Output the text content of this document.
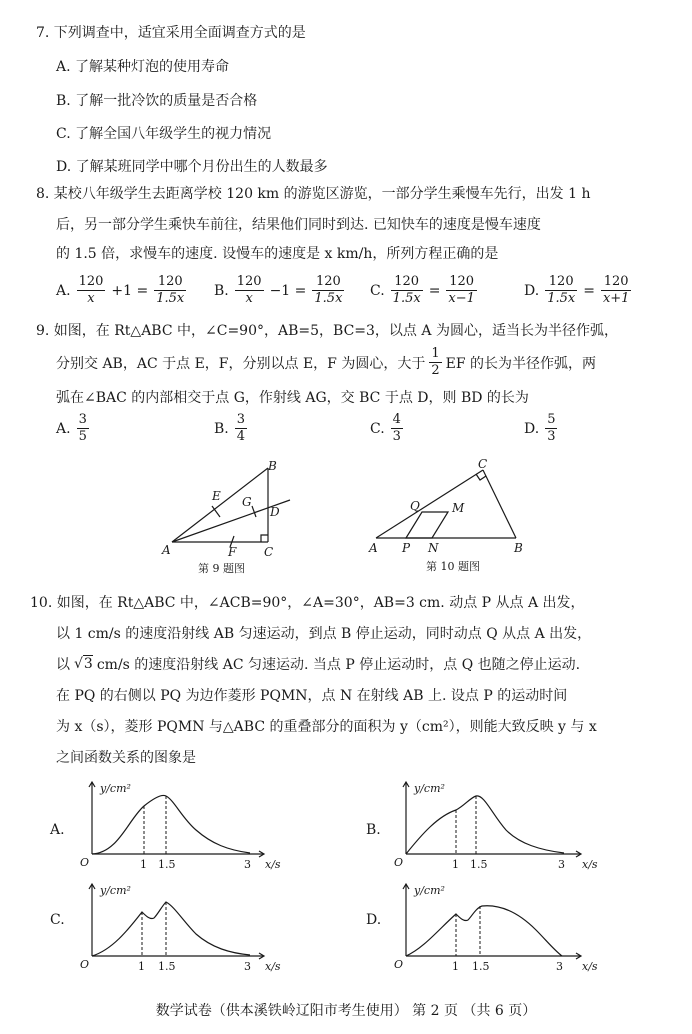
7. 下列调查中，适宜采用全面调查方式的是
A. 了解某种灯泡的使用寿命
B. 了解一批冷饮的质量是否合格
C. 了解全国八年级学生的视力情况
D. 了解某班同学中哪个月份出生的人数最多
8. 某校八年级学生去距离学校 120 km 的游览区游览，一部分学生乘慢车先行，出发 1 h
后，另一部分学生乘快车前往，结果他们同时到达. 已知快车的速度是慢车速度
的 1.5 倍，求慢车的速度. 设慢车的速度是 x km/h，所列方程正确的是
A. $\frac{120}{x} +1 = \frac{120}{1.5x} B$. $\frac{120}{x} -1 = \frac{120}{1.5x} C$. $\frac{120}{1.5x} = \frac{120}{x-1}$	D. $\frac{120}{1.5x} = \frac{120}{x+1}$
9. 如图，在 Rt△ABC 中，∠C=90°，AB=5，BC=3，以点 A 为圆心，适当长为半径作弧，
分别交 AB，AC 于点 E，F，分别以点 E，F 为圆心，大于 $\frac{1}{2}$ EF 的长为半径作弧，两
弧在∠BAC 的内部相交于点 G，作射线 AG，交 BC 于点 D，则 BD 的长为
A. $\frac{3}{5}$	B. $\frac{3}{4}$	C. $\frac{4}{3}$	D. $\frac{5}{3}$
A
B
C
D
E
F
G
第 9 题图
A	B
C
P
Q	M
N
第 10 题图
10. 如图，在 Rt△ABC 中，∠ACB=90°，∠A=30°，AB=3 cm. 动点 P 从点 A 出发，
以 1 cm/s 的速度沿射线 AB 匀速运动，到点 B 停止运动，同时动点 Q 从点 A 出发，
以 √3 cm/s 的速度沿射线 AC 匀速运动. 当点 P 停止运动时，点 Q 也随之停止运动.
在 PQ 的右侧以 PQ 为边作菱形 PQMN，点 N 在射线 AB 上. 设点 P 的运动时间
为 x（s），菱形 PQMN 与△ABC 的重叠部分的面积为 y（cm²），则能大致反映 y 与 x
之间函数关系的图象是
A.
y/cm²
O	1 1.5	3 x/s
B.
y/cm²
O	1 1.5	3 x/s
C.
y/cm²
O	1 1.5	3 x/s
D.
y/cm²
O	1 1.5	3 x/s
数学试卷（供本溪铁岭辽阳市考生使用） 第 2 页 （共 6 页）
